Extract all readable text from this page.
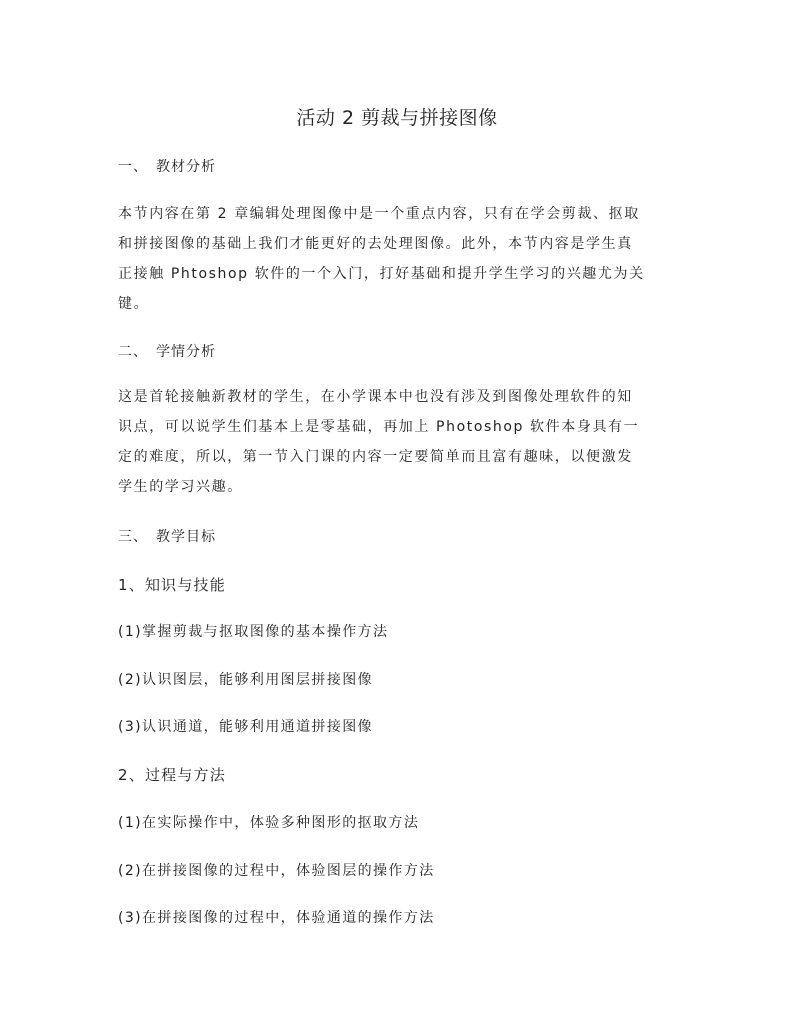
活动 2 剪裁与拼接图像
一、 教材分析
本节内容在第 2 章编辑处理图像中是一个重点内容，只有在学会剪裁、抠取
和拼接图像的基础上我们才能更好的去处理图像。此外，本节内容是学生真
正接触 Phtoshop 软件的一个入门，打好基础和提升学生学习的兴趣尤为关
键。
二、 学情分析
这是首轮接触新教材的学生，在小学课本中也没有涉及到图像处理软件的知
识点，可以说学生们基本上是零基础，再加上 Photoshop 软件本身具有一
定的难度，所以，第一节入门课的内容一定要简单而且富有趣味，以便激发
学生的学习兴趣。
三、 教学目标
1、知识与技能
(1)掌握剪裁与抠取图像的基本操作方法
(2)认识图层，能够利用图层拼接图像
(3)认识通道，能够利用通道拼接图像
2、过程与方法
(1)在实际操作中，体验多种图形的抠取方法
(2)在拼接图像的过程中，体验图层的操作方法
(3)在拼接图像的过程中，体验通道的操作方法
